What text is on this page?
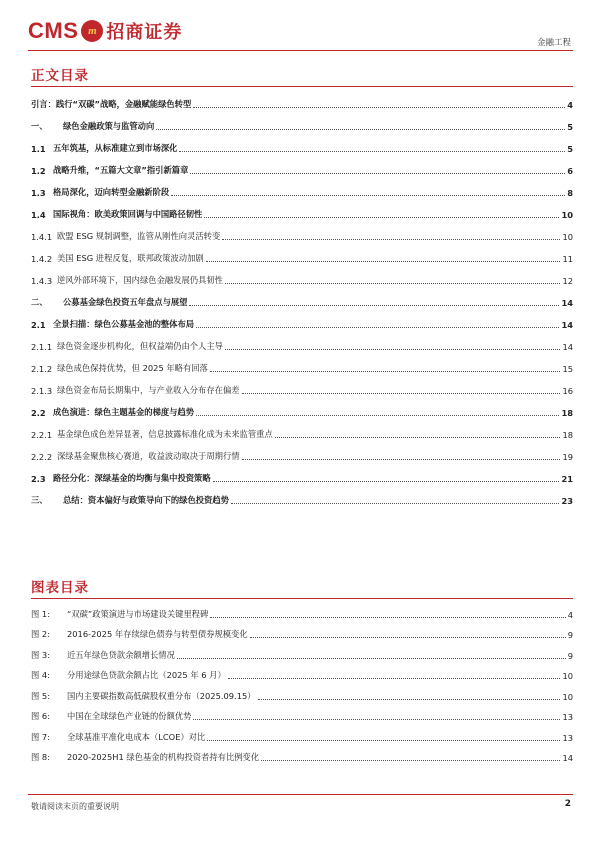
CMS m 招商证券	金融工程
正文目录
引言：践行“双碳”战略，金融赋能绿色转型	4
一、	绿色金融政策与监管动向	5
1.1 五年筑基，从标准建立到市场深化	5
1.2 战略升维，“五篇大文章”指引新篇章	6
1.3 格局深化，迈向转型金融新阶段	8
1.4 国际视角：欧美政策回调与中国路径韧性	10
1.4.1 欧盟 ESG 规制调整，监管从刚性向灵活转变	10
1.4.2 美国 ESG 进程反复，联邦政策波动加剧	11
1.4.3 逆风外部环境下，国内绿色金融发展仍具韧性	12
二、	公募基金绿色投资五年盘点与展望	14
2.1 全景扫描：绿色公募基金池的整体布局	14
2.1.1 绿色资金逐步机构化，但权益端仍由个人主导	14
2.1.2 绿色成色保持优势，但 2025 年略有回落	15
2.1.3 绿色资金布局长期集中，与产业收入分布存在偏差	16
2.2 成色演进：绿色主题基金的梯度与趋势	18
2.2.1 基金绿色成色差异显著，信息披露标准化成为未来监管重点	18
2.2.2 深绿基金聚焦核心赛道，收益波动取决于周期行情	19
2.3 路径分化：深绿基金的均衡与集中投资策略	21
三、	总结：资本偏好与政策导向下的绿色投资趋势	23
图表目录
图 1:	“双碳”政策演进与市场建设关键里程碑	4
图 2:	2016-2025 年存续绿色债券与转型债券规模变化	9
图 3:	近五年绿色贷款余额增长情况	9
图 4:	分用途绿色贷款余额占比（2025 年 6 月）	10
图 5:	国内主要碳指数高低碳股权重分布（2025.09.15）	10
图 6:	中国在全球绿色产业链的份额优势	13
图 7:	全球基准平准化电成本（LCOE）对比	13
图 8:	2020-2025H1 绿色基金的机构投资者持有比例变化	14
敬请阅读末页的重要说明	2
